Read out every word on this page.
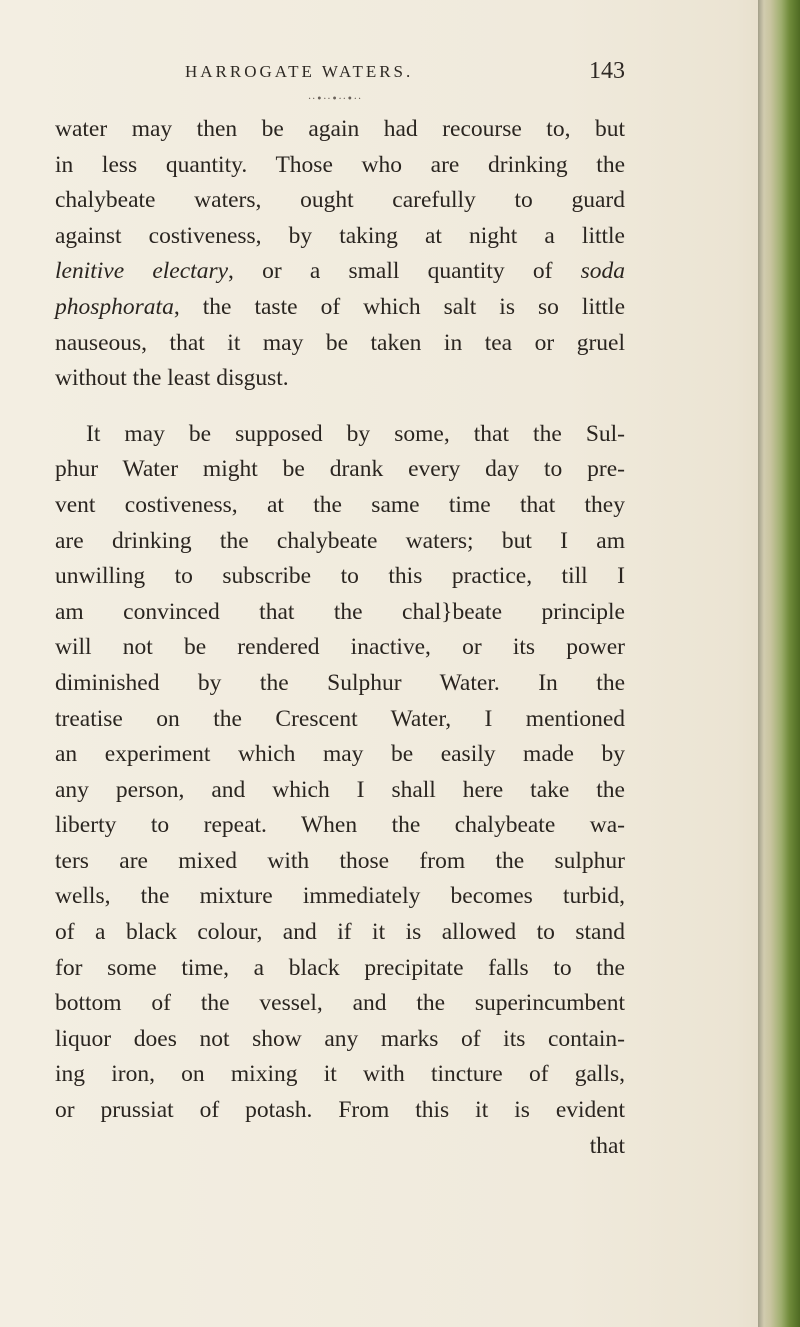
HARROGATE WATERS.	143
··•··•··•··
water may then be again had recourse to, but
in less quantity. Those who are drinking the
chalybeate waters, ought carefully to guard
against costiveness, by taking at night a little
lenitive electary, or a small quantity of soda
phosphorata, the taste of which salt is so little
nauseous, that it may be taken in tea or gruel
without the least disgust.
It may be supposed by some, that the Sul-
phur Water might be drank every day to pre-
vent costiveness, at the same time that they
are drinking the chalybeate waters; but I am
unwilling to subscribe to this practice, till I
am convinced that the chal}beate principle
will not be rendered inactive, or its power
diminished by the Sulphur Water. In the
treatise on the Crescent Water, I mentioned
an experiment which may be easily made by
any person, and which I shall here take the
liberty to repeat. When the chalybeate wa-
ters are mixed with those from the sulphur
wells, the mixture immediately becomes turbid,
of a black colour, and if it is allowed to stand
for some time, a black precipitate falls to the
bottom of the vessel, and the superincumbent
liquor does not show any marks of its contain-
ing iron, on mixing it with tincture of galls,
or prussiat of potash. From this it is evident
that
